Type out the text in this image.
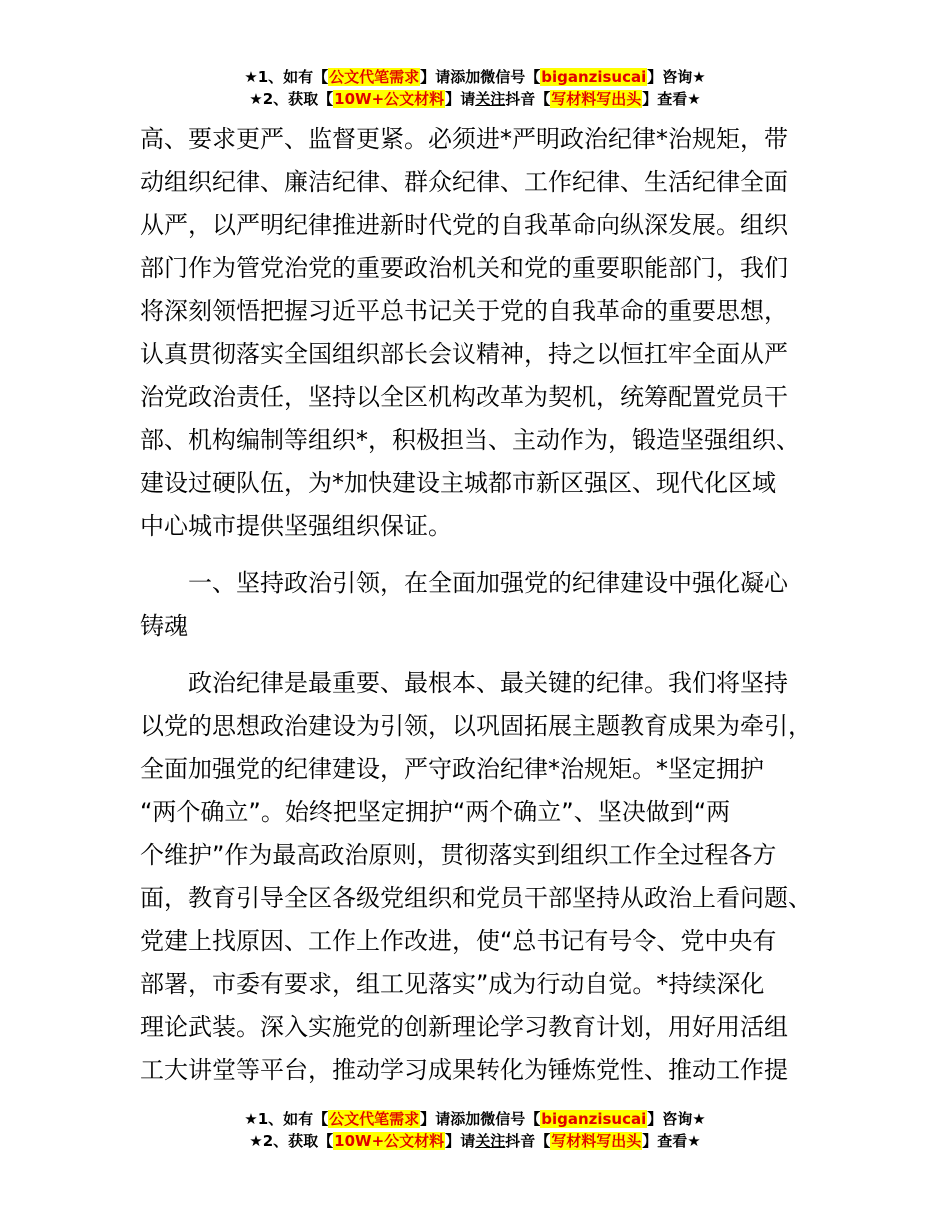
★1、如有【公文代笔需求】请添加微信号【biganzisucai】咨询★
★2、获取【10W+公文材料】请关注抖音【写材料写出头】查看★
高、要求更严、监督更紧。必须进*严明政治纪律*治规矩，带
动组织纪律、廉洁纪律、群众纪律、工作纪律、生活纪律全面
从严，以严明纪律推进新时代党的自我革命向纵深发展。组织
部门作为管党治党的重要政治机关和党的重要职能部门，我们
将深刻领悟把握习近平总书记关于党的自我革命的重要思想，
认真贯彻落实全国组织部长会议精神，持之以恒扛牢全面从严
治党政治责任，坚持以全区机构改革为契机，统筹配置党员干
部、机构编制等组织*，积极担当、主动作为，锻造坚强组织、
建设过硬队伍，为*加快建设主城都市新区强区、现代化区域
中心城市提供坚强组织保证。
一、坚持政治引领，在全面加强党的纪律建设中强化凝心
铸魂
政治纪律是最重要、最根本、最关键的纪律。我们将坚持
以党的思想政治建设为引领，以巩固拓展主题教育成果为牵引，
全面加强党的纪律建设，严守政治纪律*治规矩。*坚定拥护
“两个确立”。始终把坚定拥护“两个确立”、坚决做到“两
个维护”作为最高政治原则，贯彻落实到组织工作全过程各方
面，教育引导全区各级党组织和党员干部坚持从政治上看问题、
党建上找原因、工作上作改进，使“总书记有号令、党中央有
部署，市委有要求，组工见落实”成为行动自觉。*持续深化
理论武装。深入实施党的创新理论学习教育计划，用好用活组
工大讲堂等平台，推动学习成果转化为锤炼党性、推动工作提
★1、如有【公文代笔需求】请添加微信号【biganzisucai】咨询★
★2、获取【10W+公文材料】请关注抖音【写材料写出头】查看★
